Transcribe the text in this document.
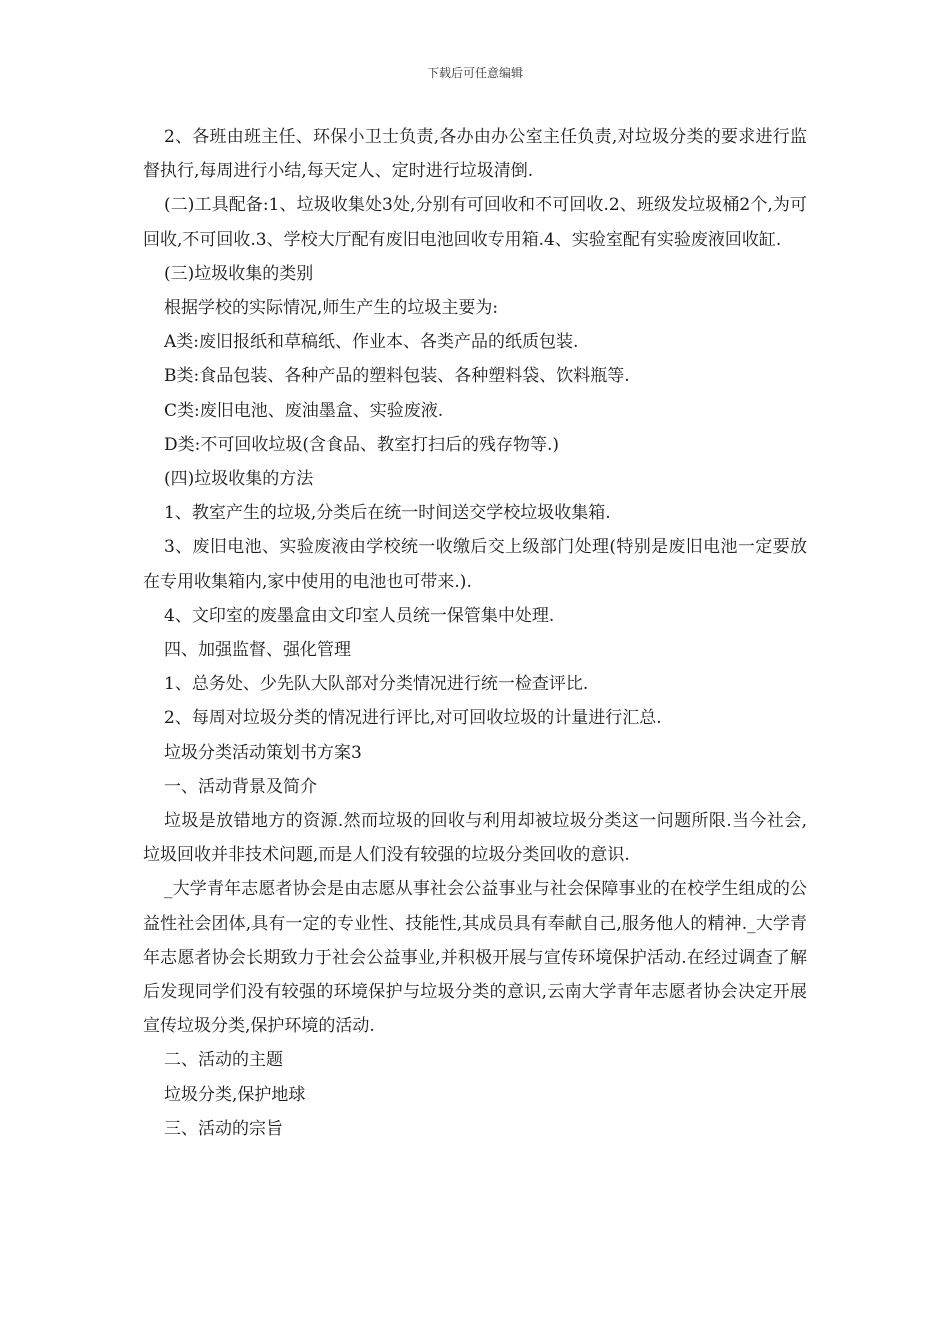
下载后可任意编辑

2、各班由班主任、环保小卫士负责,各办由办公室主任负责,对垃圾分类的要求进行监督执行,每周进行小结,每天定人、定时进行垃圾清倒.

(二)工具配备:1、垃圾收集处3处,分别有可回收和不可回收.2、班级发垃圾桶2个,为可回收,不可回收.3、学校大厅配有废旧电池回收专用箱.4、实验室配有实验废液回收缸.

(三)垃圾收集的类别

根据学校的实际情况,师生产生的垃圾主要为:

A类:废旧报纸和草稿纸、作业本、各类产品的纸质包装.

B类:食品包装、各种产品的塑料包装、各种塑料袋、饮料瓶等.

C类:废旧电池、废油墨盒、实验废液.

D类:不可回收垃圾(含食品、教室打扫后的残存物等.)

(四)垃圾收集的方法

1、教室产生的垃圾,分类后在统一时间送交学校垃圾收集箱.

3、废旧电池、实验废液由学校统一收缴后交上级部门处理(特别是废旧电池一定要放在专用收集箱内,家中使用的电池也可带来.).

4、文印室的废墨盒由文印室人员统一保管集中处理.

四、加强监督、强化管理

1、总务处、少先队大队部对分类情况进行统一检查评比.

2、每周对垃圾分类的情况进行评比,对可回收垃圾的计量进行汇总.

垃圾分类活动策划书方案3

一、活动背景及简介

垃圾是放错地方的资源.然而垃圾的回收与利用却被垃圾分类这一问题所限.当今社会,垃圾回收并非技术问题,而是人们没有较强的垃圾分类回收的意识.

_大学青年志愿者协会是由志愿从事社会公益事业与社会保障事业的在校学生组成的公益性社会团体,具有一定的专业性、技能性,其成员具有奉献自己,服务他人的精神._大学青年志愿者协会长期致力于社会公益事业,并积极开展与宣传环境保护活动.在经过调查了解后发现同学们没有较强的环境保护与垃圾分类的意识,云南大学青年志愿者协会决定开展宣传垃圾分类,保护环境的活动.

二、活动的主题

垃圾分类,保护地球

三、活动的宗旨
